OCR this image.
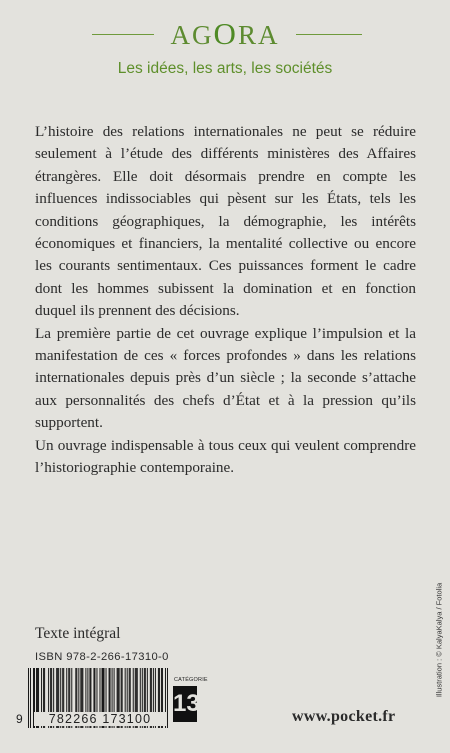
AGORA
Les idées, les arts, les sociétés

L’histoire des relations internationales ne peut se réduire seulement à l’étude des différents ministères des Affaires étrangères. Elle doit désormais prendre en compte les influences indissociables qui pèsent sur les États, tels les conditions géographiques, la démographie, les intérêts économiques et financiers, la mentalité collective ou encore les courants sentimentaux. Ces puissances forment le cadre dont les hommes subissent la domination et en fonction duquel ils prennent des décisions.

La première partie de cet ouvrage explique l’impulsion et la manifestation de ces « forces profondes » dans les relations internationales depuis près d’un siècle ; la seconde s’attache aux personnalités des chefs d’État et à la pression qu’ils supportent.

Un ouvrage indispensable à tous ceux qui veulent comprendre l’historiographie contemporaine.

Texte intégral
ISBN 978-2-266-17310-0
9	782266 173100
CATÉGORIE
13	www.pocket.fr
Illustration : © KalyaKalya / Fotolia
